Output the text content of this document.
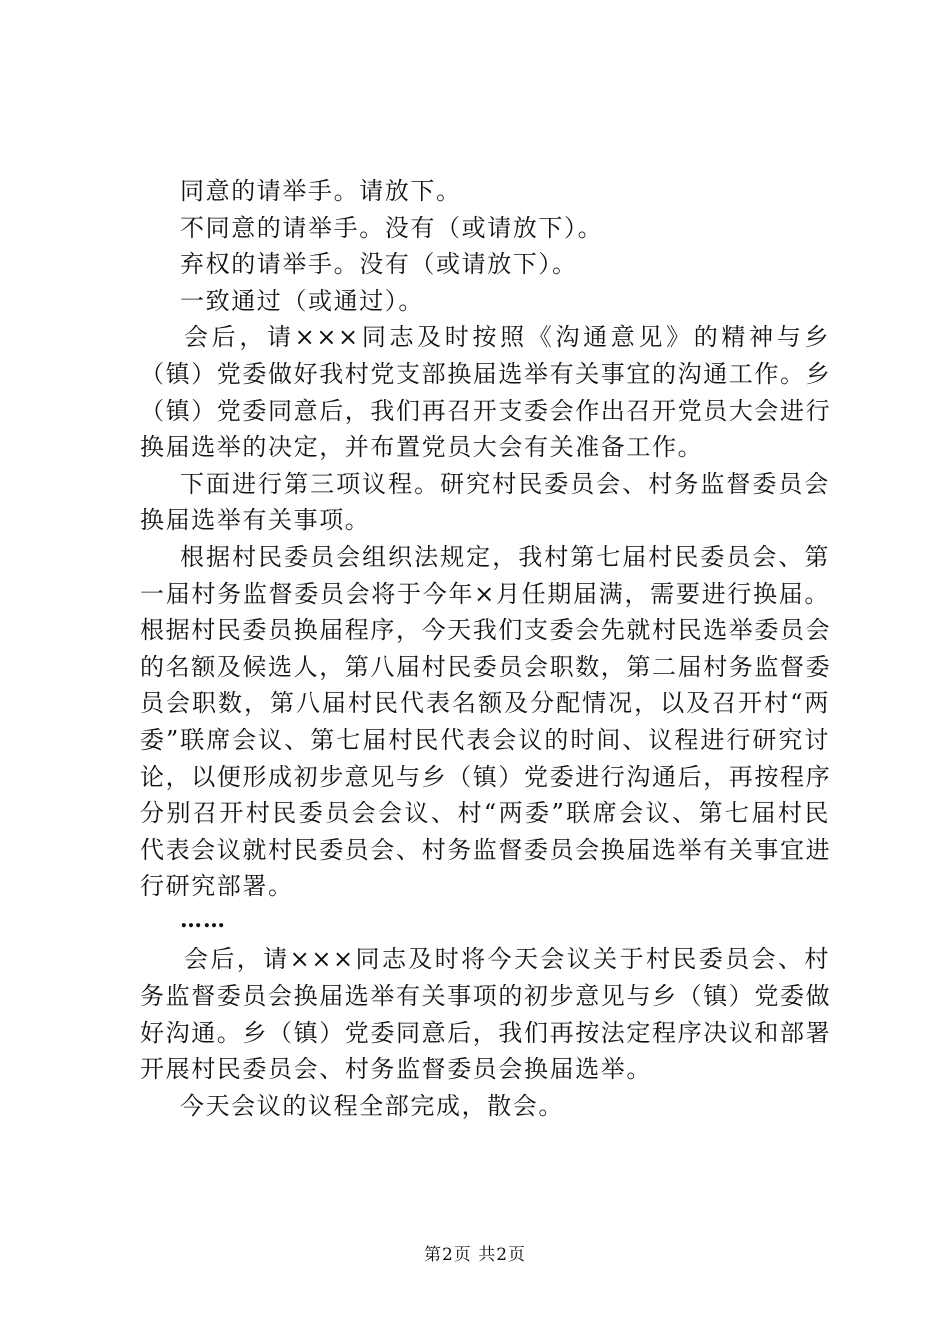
同意的请举手。请放下。
不同意的请举手。没有（或请放下）。
弃权的请举手。没有（或请放下）。
一致通过（或通过）。
会后，请×××同志及时按照《沟通意见》的精神与乡
（镇）党委做好我村党支部换届选举有关事宜的沟通工作。乡
（镇）党委同意后，我们再召开支委会作出召开党员大会进行
换届选举的决定，并布置党员大会有关准备工作。
下面进行第三项议程。研究村民委员会、村务监督委员会
换届选举有关事项。
根据村民委员会组织法规定，我村第七届村民委员会、第
一届村务监督委员会将于今年×月任期届满，需要进行换届。
根据村民委员换届程序，今天我们支委会先就村民选举委员会
的名额及候选人，第八届村民委员会职数，第二届村务监督委
员会职数，第八届村民代表名额及分配情况，以及召开村“两
委”联席会议、第七届村民代表会议的时间、议程进行研究讨
论，以便形成初步意见与乡（镇）党委进行沟通后，再按程序
分别召开村民委员会会议、村“两委”联席会议、第七届村民
代表会议就村民委员会、村务监督委员会换届选举有关事宜进
行研究部署。
……
会后，请×××同志及时将今天会议关于村民委员会、村
务监督委员会换届选举有关事项的初步意见与乡（镇）党委做
好沟通。乡（镇）党委同意后，我们再按法定程序决议和部署
开展村民委员会、村务监督委员会换届选举。
今天会议的议程全部完成，散会。
第2页 共2页
